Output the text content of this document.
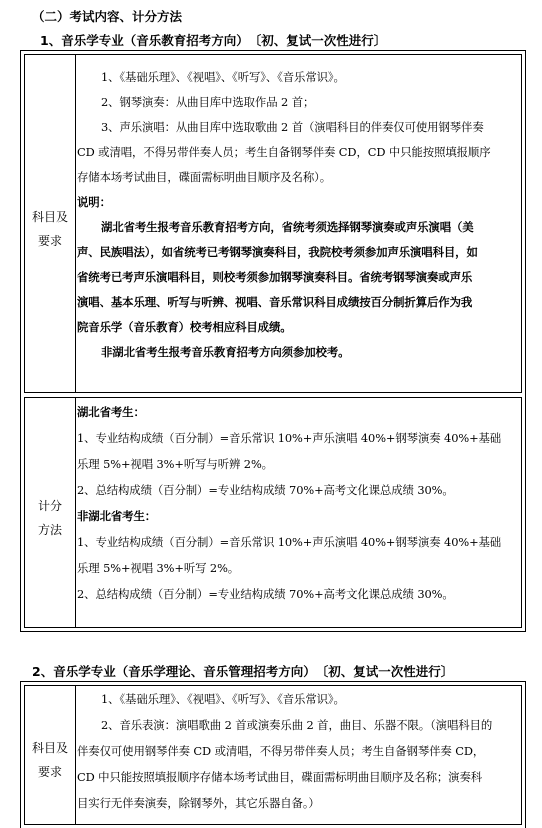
（二）考试内容、计分方法
1、音乐学专业（音乐教育招考方向）　〔初、复试一次性进行〕
科目及
要求
1、《基础乐理》、《视唱》、《听写》、《音乐常识》。
2、钢琴演奏：从曲目库中选取作品 2 首；
3、声乐演唱：从曲目库中选取歌曲 2 首（演唱科目的伴奏仅可使用钢琴伴奏
CD 或清唱，不得另带伴奏人员；考生自备钢琴伴奏 CD，CD 中只能按照填报顺序
存储本场考试曲目，碟面需标明曲目顺序及名称）。
说明：
湖北省考生报考音乐教育招考方向，省统考须选择钢琴演奏或声乐演唱（美
声、民族唱法），如省统考已考钢琴演奏科目，我院校考须参加声乐演唱科目，如
省统考已考声乐演唱科目，则校考须参加钢琴演奏科目。省统考钢琴演奏或声乐
演唱、基本乐理、听写与听辨、视唱、音乐常识科目成绩按百分制折算后作为我
院音乐学（音乐教育）校考相应科目成绩。
非湖北省考生报考音乐教育招考方向须参加校考。
计分
方法
湖北省考生：
1、专业结构成绩（百分制）=音乐常识 10%+声乐演唱 40%+钢琴演奏 40%+基础
乐理 5%+视唱 3%+听写与听辨 2%。
2、总结构成绩（百分制）=专业结构成绩 70%+高考文化课总成绩 30%。
非湖北省考生：
1、专业结构成绩（百分制）=音乐常识 10%+声乐演唱 40%+钢琴演奏 40%+基础
乐理 5%+视唱 3%+听写 2%。
2、总结构成绩（百分制）=专业结构成绩 70%+高考文化课总成绩 30%。
2、音乐学专业（音乐学理论、音乐管理招考方向）　〔初、复试一次性进行〕
科目及
要求
1、《基础乐理》、《视唱》、《听写》、《音乐常识》。
2、音乐表演：演唱歌曲 2 首或演奏乐曲 2 首，曲目、乐器不限。（演唱科目的
伴奏仅可使用钢琴伴奏 CD 或清唱，不得另带伴奏人员；考生自备钢琴伴奏 CD，
CD 中只能按照填报顺序存储本场考试曲目，碟面需标明曲目顺序及名称；演奏科
目实行无伴奏演奏，除钢琴外，其它乐器自备。）
